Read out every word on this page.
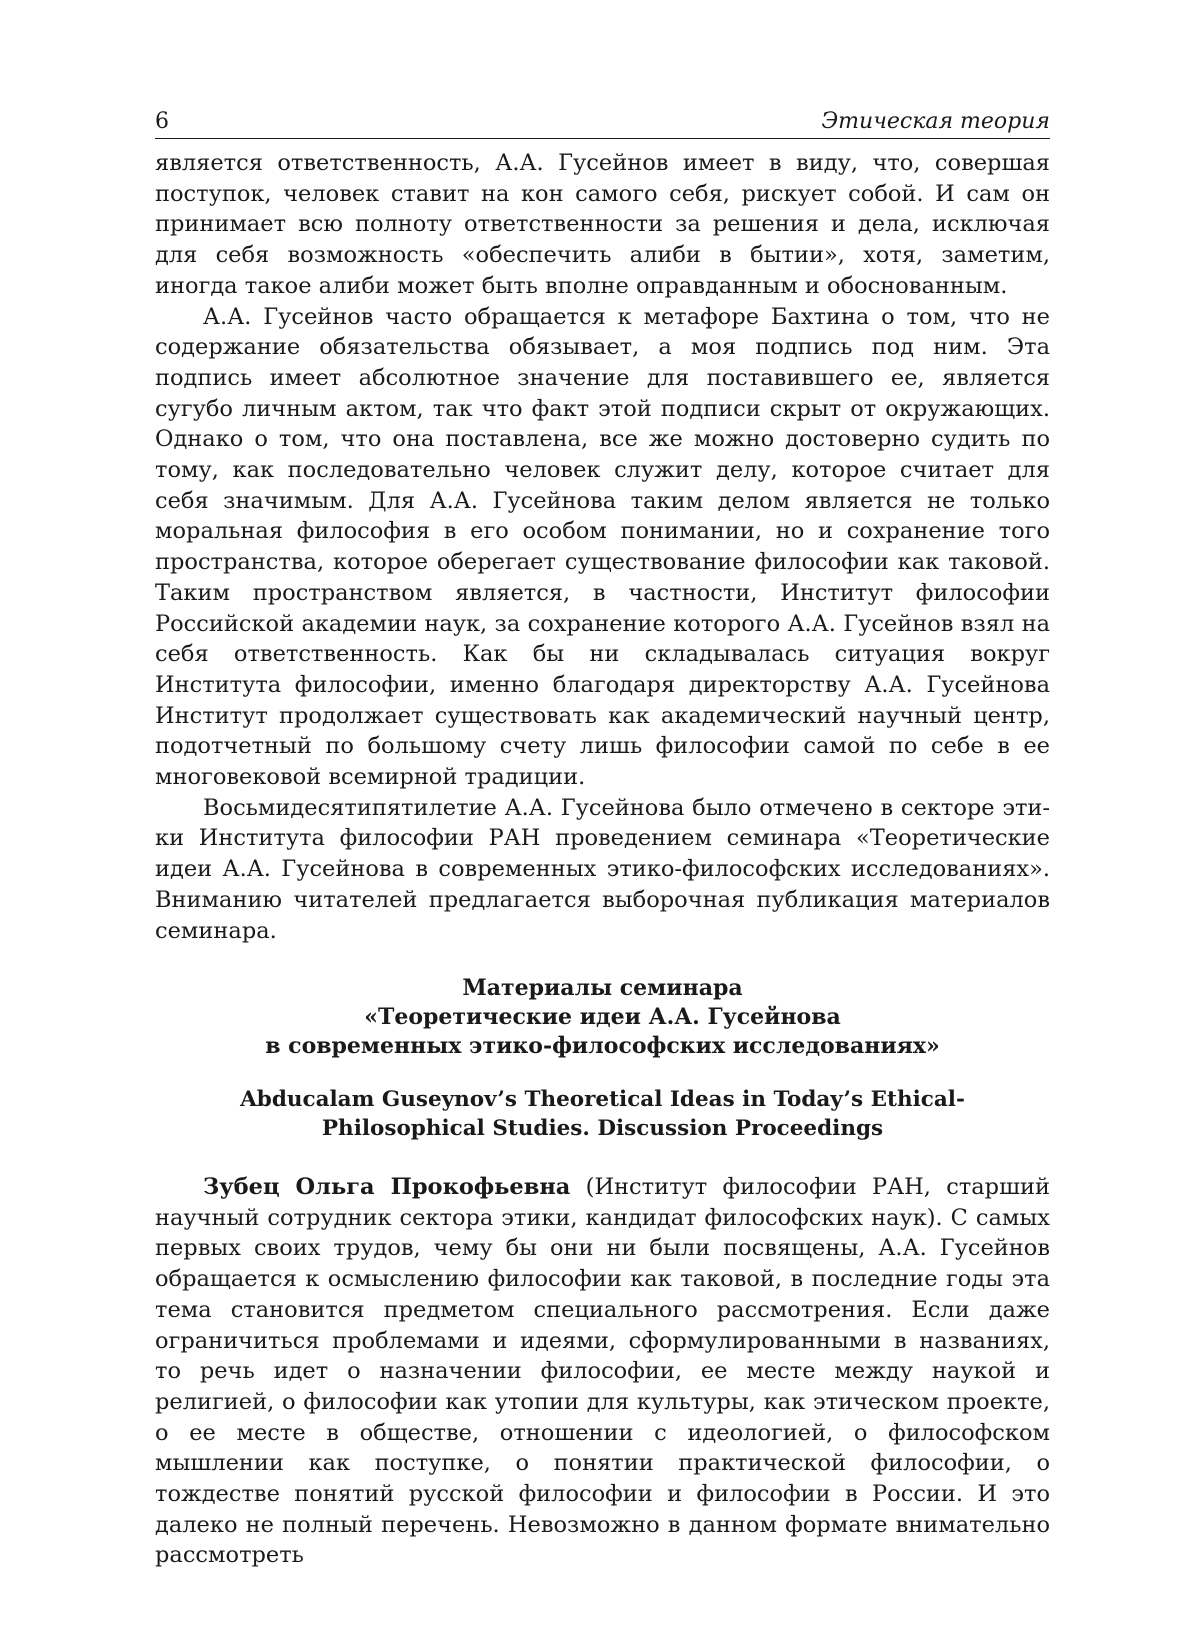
6	Этическая теория

является ответственность, А.А. Гусейнов имеет в виду, что, совершая поступок, человек ставит на кон самого себя, рискует собой. И сам он принимает всю полноту ответственности за решения и дела, исключая для себя возможность «обеспечить алиби в бытии», хотя, заметим, иногда такое алиби может быть вполне оправданным и обоснованным.

А.А. Гусейнов часто обращается к метафоре Бахтина о том, что не содержание обязательства обязывает, а моя подпись под ним. Эта подпись имеет абсолютное значение для поставившего ее, является сугубо личным актом, так что факт этой подписи скрыт от окружающих. Однако о том, что она поставлена, все же можно достоверно судить по тому, как последовательно человек служит делу, которое считает для себя значимым. Для А.А. Гусейнова таким делом является не только моральная философия в его особом понимании, но и сохранение того пространства, которое оберегает существование философии как таковой. Таким пространством является, в частности, Институт философии Российской академии наук, за сохранение которого А.А. Гусейнов взял на себя ответственность. Как бы ни складывалась ситуация вокруг Института философии, именно благодаря директорству А.А. Гусейнова Институт продолжает существовать как академический научный центр, подотчетный по большому счету лишь философии самой по себе в ее многовековой всемирной традиции.

Восьмидесятипятилетие А.А. Гусейнова было отмечено в секторе этики Института философии РАН проведением семинара «Теоретические идеи А.А. Гусейнова в современных этико-философских исследованиях». Вниманию читателей предлагается выборочная публикация материалов семинара.

Материалы семинара
«Теоретические идеи А.А. Гусейнова
в современных этико-философских исследованиях»
Abducalam Guseynov’s Theoretical Ideas in Today’s Ethical-Philosophical Studies. Discussion Proceedings

Зубец Ольга Прокофьевна (Институт философии РАН, старший научный сотрудник сектора этики, кандидат философских наук). С самых первых своих трудов, чему бы они ни были посвящены, А.А. Гусейнов обращается к осмыслению философии как таковой, в последние годы эта тема становится предметом специального рассмотрения. Если даже ограничиться проблемами и идеями, сформулированными в названиях, то речь идет о назначении философии, ее месте между наукой и религией, о философии как утопии для культуры, как этическом проекте, о ее месте в обществе, отношении с идеологией, о философском мышлении как поступке, о понятии практической философии, о тождестве понятий русской философии и философии в России. И это далеко не полный перечень. Невозможно в данном формате внимательно рассмотреть
